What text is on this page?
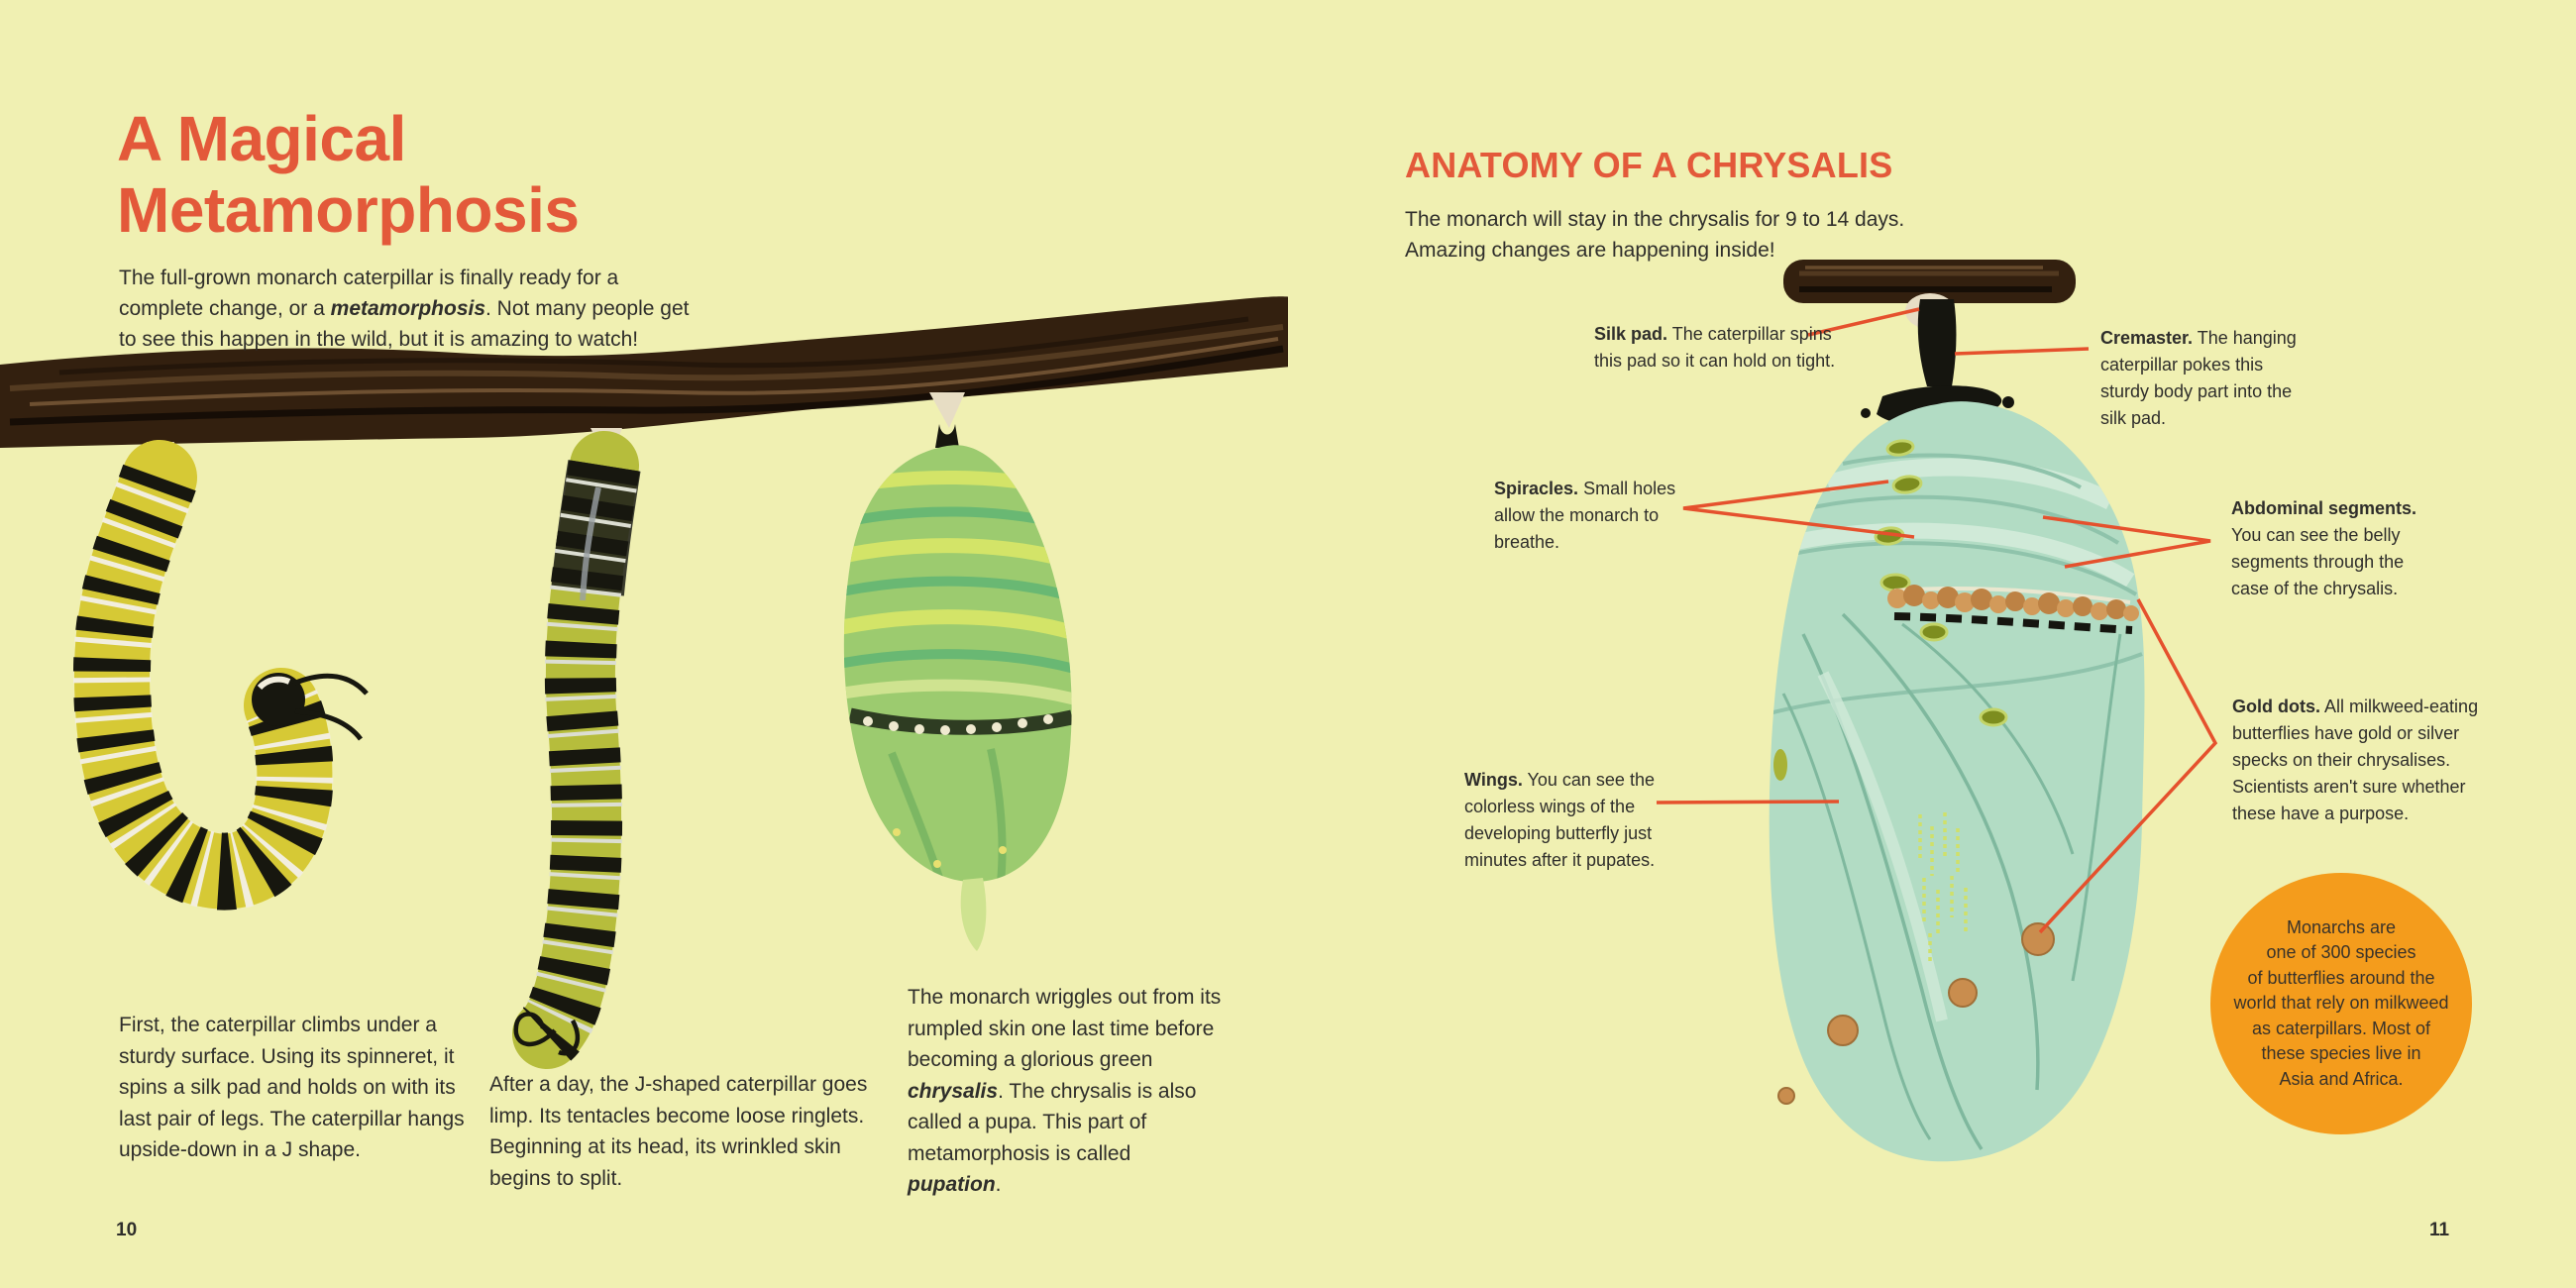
A Magical
Metamorphosis

The full-grown monarch caterpillar is finally ready for a complete change, or a metamorphosis. Not many people get to see this happen in the wild, but it is amazing to watch!

First, the caterpillar climbs under a sturdy surface. Using its spinneret, it spins a silk pad and holds on with its last pair of legs. The caterpillar hangs upside-down in a J shape.

After a day, the J-shaped caterpillar goes limp. Its tentacles become loose ringlets. Beginning at its head, its wrinkled skin begins to split.

The monarch wriggles out from its rumpled skin one last time before becoming a glorious green chrysalis. The chrysalis is also called a pupa. This part of metamorphosis is called pupation.

10
ANATOMY OF A CHRYSALIS
The monarch will stay in the chrysalis for 9 to 14 days.
Amazing changes are happening inside!
Silk pad. The caterpillar spins this pad so it can hold on tight.
Cremaster. The hanging caterpillar pokes this sturdy body part into the silk pad.
Spiracles. Small holes allow the monarch to breathe.
Abdominal segments. You can see the belly segments through the case of the chrysalis.
Wings. You can see the colorless wings of the developing butterfly just minutes after it pupates.
Gold dots. All milkweed-eating butterflies have gold or silver specks on their chrysalises. Scientists aren't sure whether these have a purpose.
Monarchs are
one of 300 species
of butterflies around the
world that rely on milkweed
as caterpillars. Most of
these species live in
Asia and Africa.
11
